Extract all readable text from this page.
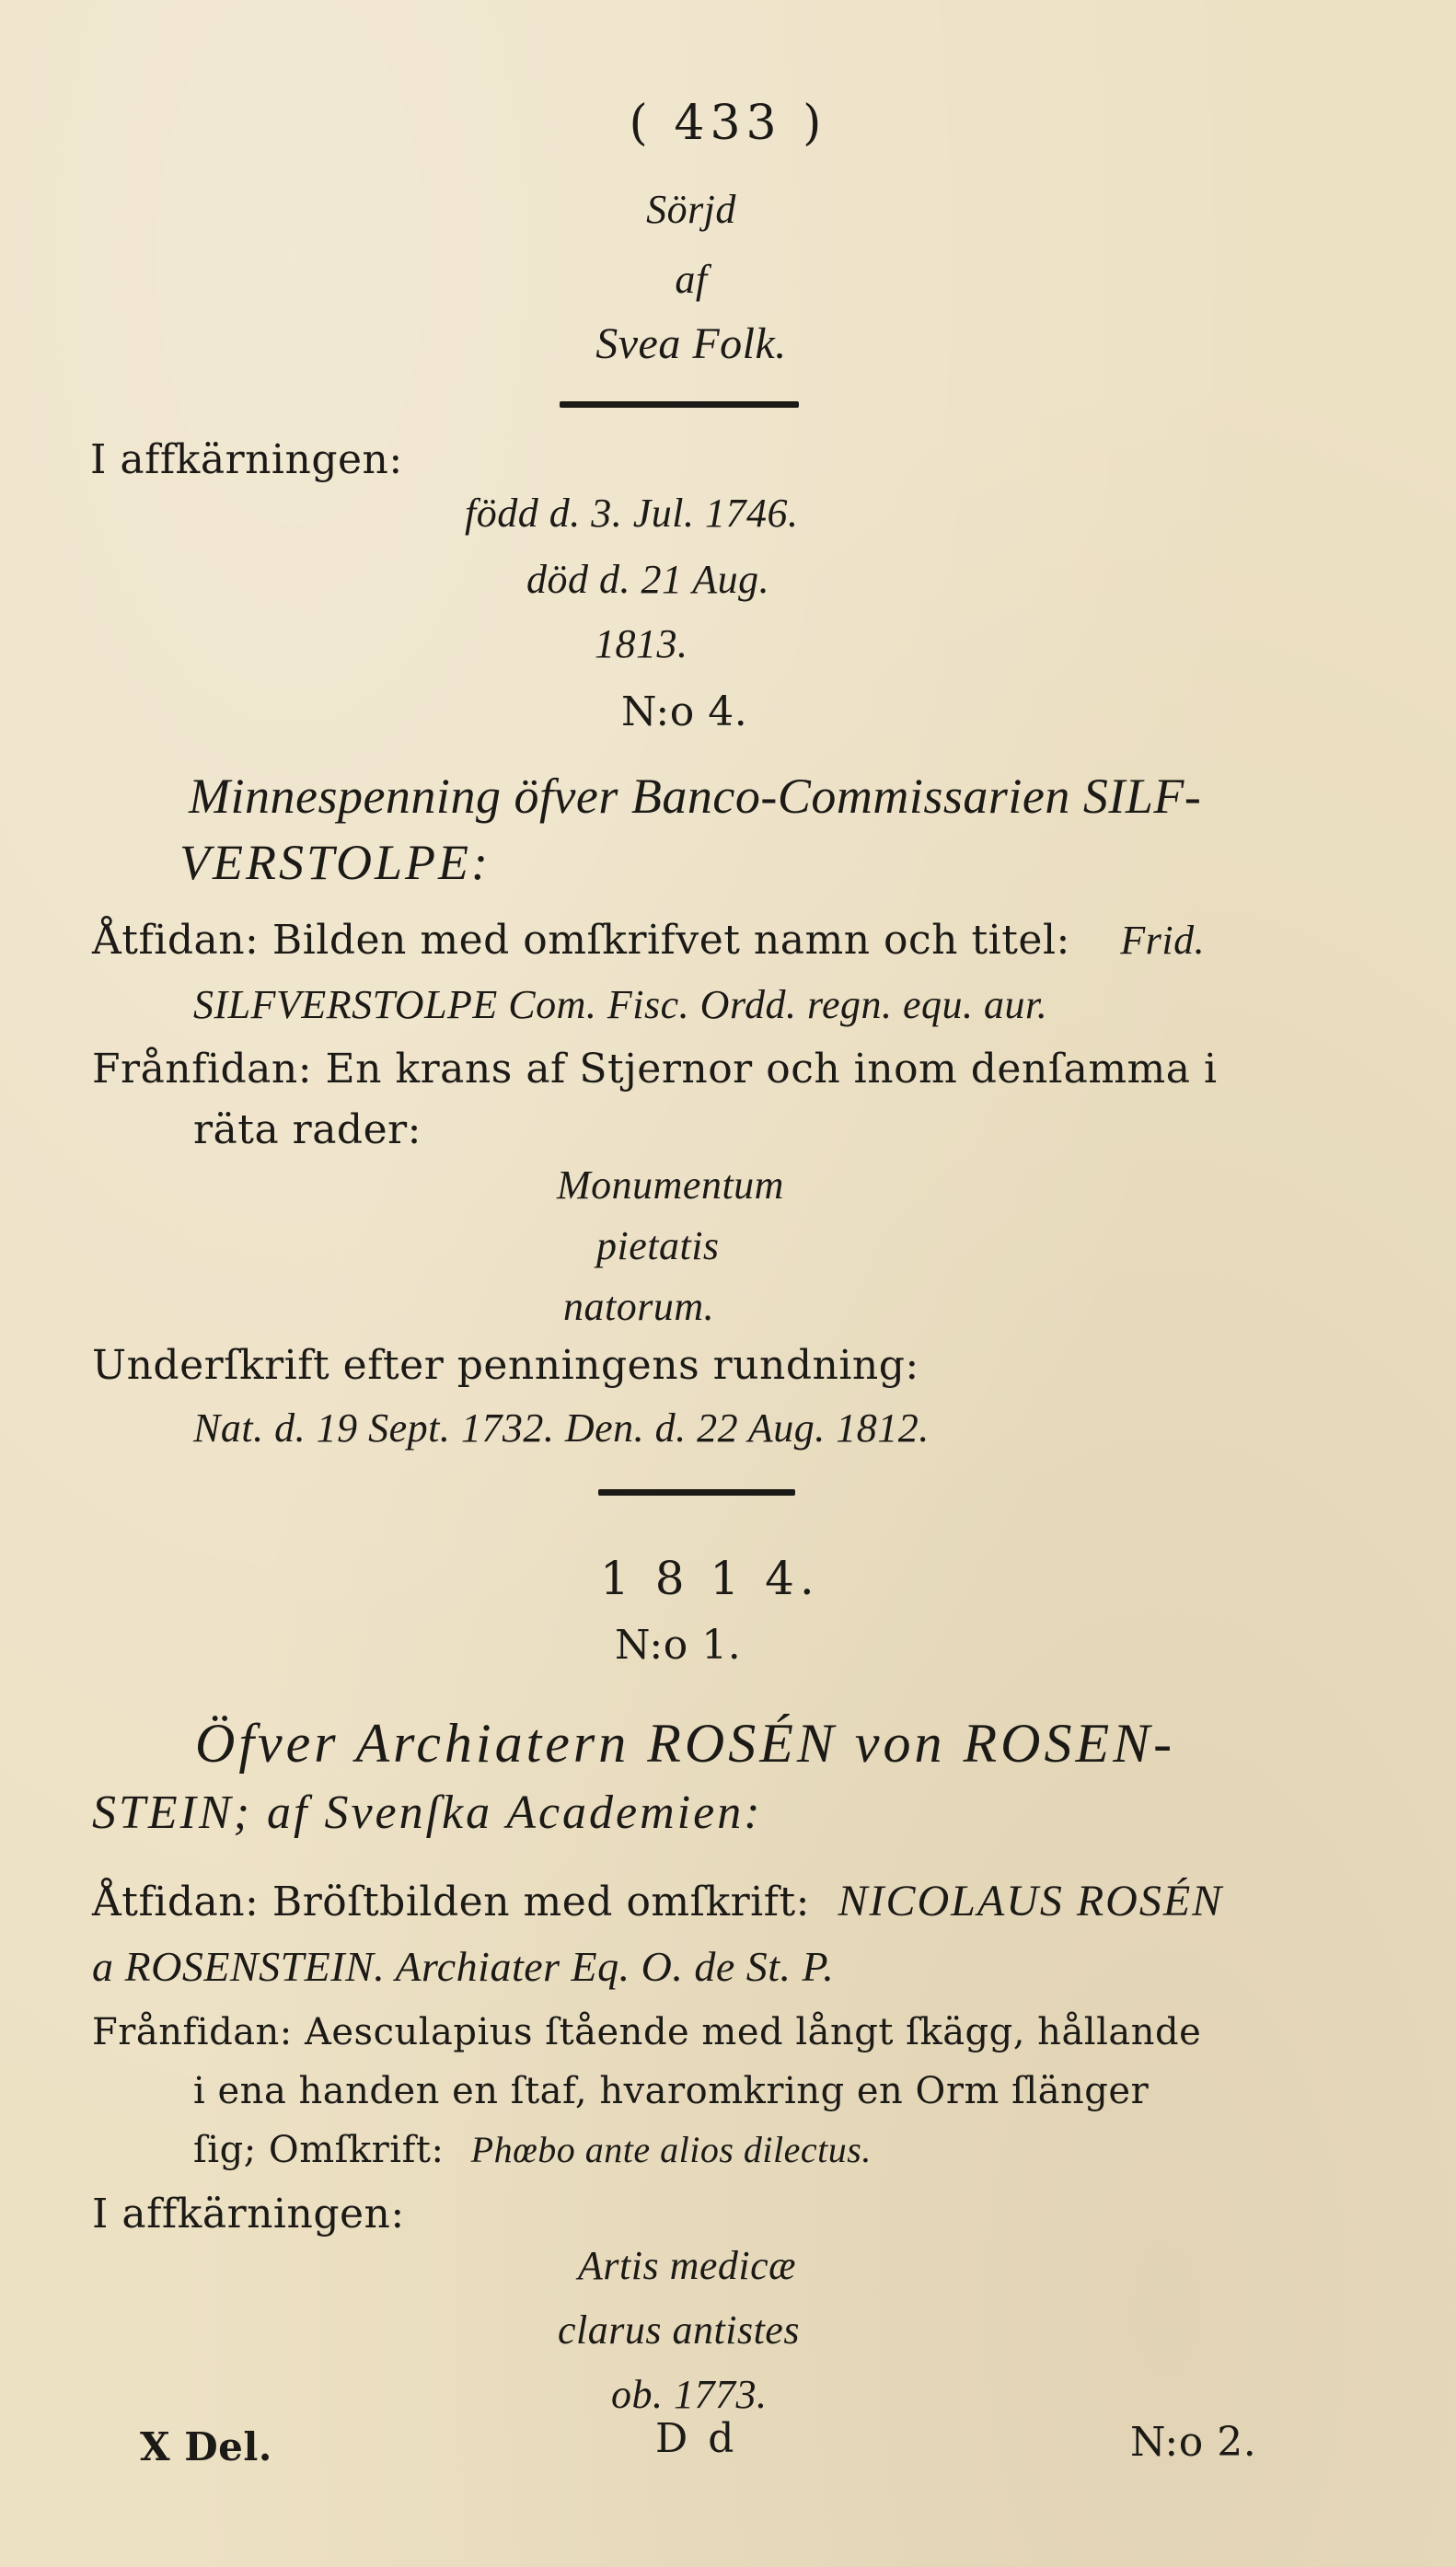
( 433 )
Sörjd
af
Svea Folk.
I affkärningen:
född d. 3. Jul. 1746.
död d. 21 Aug.
1813.
N:o 4.
Minnespenning öfver Banco-Commissarien SILF-
VERSTOLPE:
Åtfidan: Bilden med omſkrifvet namn och titel: Frid.
SILFVERSTOLPE Com. Fisc. Ordd. regn. equ. aur.
Frånfidan: En krans af Stjernor och inom denſamma i
räta rader:
Monumentum
pietatis
natorum.
Underſkrift efter penningens rundning:
Nat. d. 19 Sept. 1732. Den. d. 22 Aug. 1812.
1 8 1 4.
N:o 1.
Öfver Archiatern ROSÉN von ROSEN-
STEIN; af Svenſka Academien:
Åtfidan: Bröſtbilden med omſkrift: NICOLAUS ROSÉN
a ROSENSTEIN. Archiater Eq. O. de St. P.
Frånfidan: Aesculapius ſtående med långt ſkägg, hållande
i ena handen en ſtaf, hvaromkring en Orm ſlänger
ſig; Omſkrift: Phœbo ante alios dilectus.
I affkärningen:
Artis medicæ
clarus antistes
ob. 1773.
X Del.	D d	N:o 2.
